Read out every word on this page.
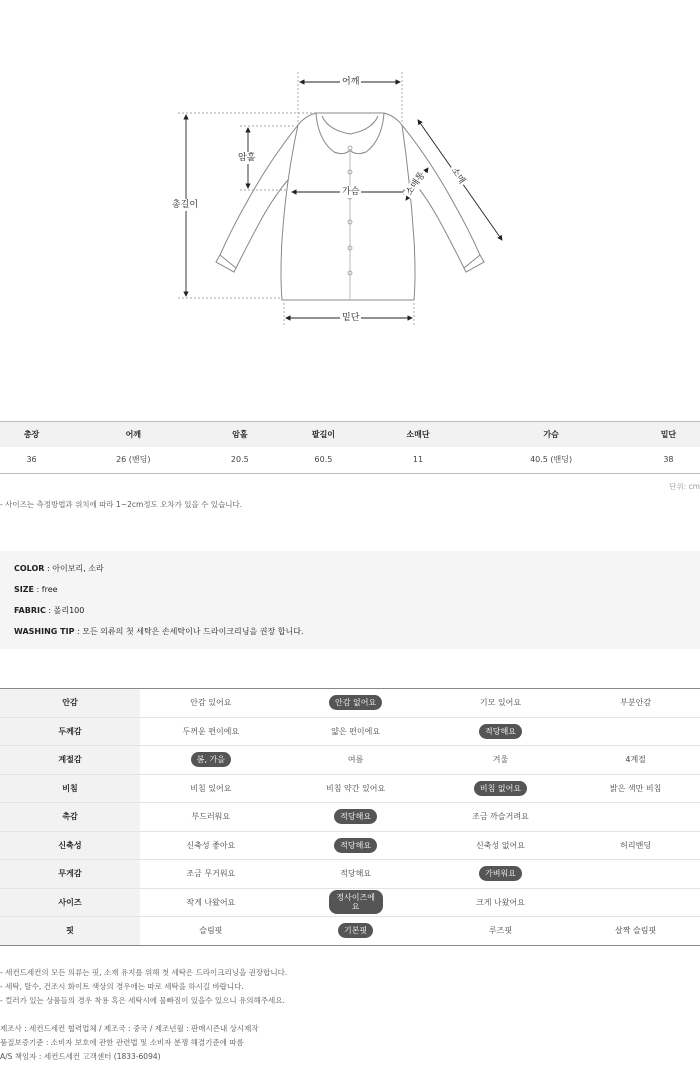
어깨
암홀
가슴
총길이
소매
소매통
밑단
총장	어깨	암홀	팔길이	소매단	가슴	밑단
36	26 (밴딩)	20.5	60.5	11	40.5 (밴딩)	38
단위: cm
- 사이즈는 측정방법과 위치에 따라 1~2cm정도 오차가 있을 수 있습니다.
COLOR : 아이보리, 소라
SIZE : free
FABRIC : 폴리100
WASHING TIP : 모든 의류의 첫 세탁은 손세탁이나 드라이크리닝을 권장 합니다.
안감	안감 있어요	안감 없어요	기모 있어요	부분안감
두께감	두꺼운 편이에요	얇은 편이에요	적당해요	
계절감	봄, 가을	여름	겨울	4계절
비침	비침 있어요	비침 약간 있어요	비침 없어요	밝은 색만 비침
촉감	부드러워요	적당해요	조금 까슬거려요	
신축성	신축성 좋아요	적당해요	신축성 없어요	허리밴딩
무게감	조금 무거워요	적당해요	가벼워요	
사이즈	작게 나왔어요	정사이즈에요	크게 나왔어요	
핏	슬림핏	기본핏	루즈핏	살짝 슬림핏
- 세컨드세컨의 모든 의류는 핏, 소재 유지를 위해 첫 세탁은 드라이크리닝을 권장합니다.
- 세탁, 탈수, 건조시 화이트 색상의 경우에는 따로 세탁을 하시길 바랍니다.
- 컬러가 있는 상품들의 경우 착용 혹은 세탁시에 물빠짐이 있을수 있으니 유의해주세요.
제조사 : 세컨드세컨 협력업체 / 제조국 : 중국 / 제조년월 : 판매시즌내 상시제작
품질보증기준 : 소비자 보호에 관한 관련법 및 소비자 분쟁 해결기준에 따름
A/S 책임자 : 세컨드세컨 고객센터 (1833-6094)
